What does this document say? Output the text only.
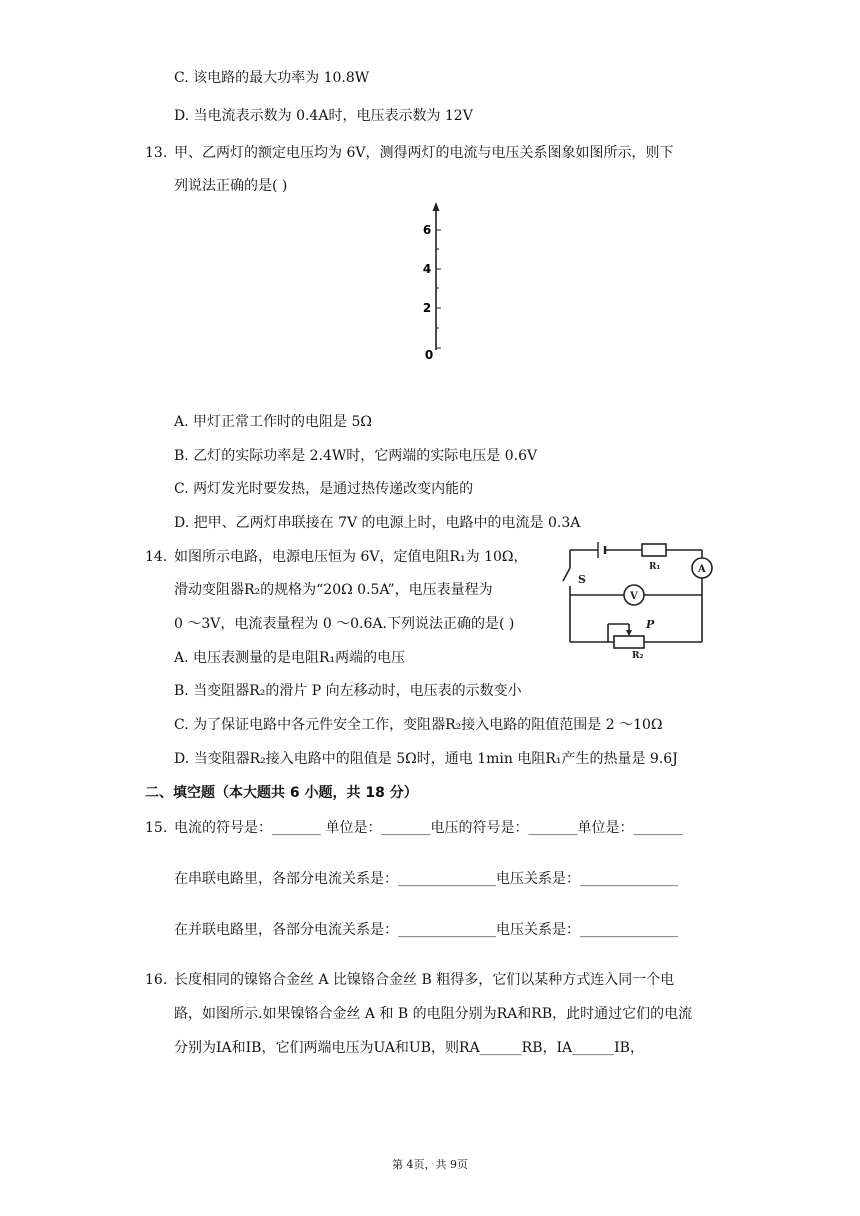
C. 该电路的最大功率为 10.8W
D. 当电流表示数为 0.4A时，电压表示数为 12V
13. 甲、乙两灯的额定电压均为 6V，测得两灯的电流与电压关系图象如图所示，则下
列说法正确的是( )
6
4
2
0
A. 甲灯正常工作时的电阻是 5Ω
B. 乙灯的实际功率是 2.4W时，它两端的实际电压是 0.6V
C. 两灯发光时要发热，是通过热传递改变内能的
D. 把甲、乙两灯串联接在 7V 的电源上时，电路中的电流是 0.3A
14. 如图所示电路，电源电压恒为 6V，定值电阻R₁为 10Ω，
滑动变阻器R₂的规格为“20Ω 0.5A”，电压表量程为
0 ～3V，电流表量程为 0 ～0.6A.下列说法正确的是( )
S
R₁	A
V
P
R₂
A. 电压表测量的是电阻R₁两端的电压
B. 当变阻器R₂的滑片 P 向左移动时，电压表的示数变小
C. 为了保证电路中各元件安全工作，变阻器R₂接入电路的阻值范围是 2 ～10Ω
D. 当变阻器R₂接入电路中的阻值是 5Ω时，通电 1min 电阻R₁产生的热量是 9.6J
二、填空题（本大题共 6 小题，共 18 分）
15. 电流的符号是：_______ 单位是：_______电压的符号是：_______单位是：_______
在串联电路里，各部分电流关系是：______________电压关系是：______________
在并联电路里，各部分电流关系是：______________电压关系是：______________
16. 长度相同的镍铬合金丝 A 比镍铬合金丝 B 粗得多，它们以某种方式连入同一个电
路，如图所示.如果镍铬合金丝 A 和 B 的电阻分别为RA和RB，此时通过它们的电流
分别为IA和IB，它们两端电压为UA和UB，则RA______RB，IA______IB，
第 4页，共 9页
